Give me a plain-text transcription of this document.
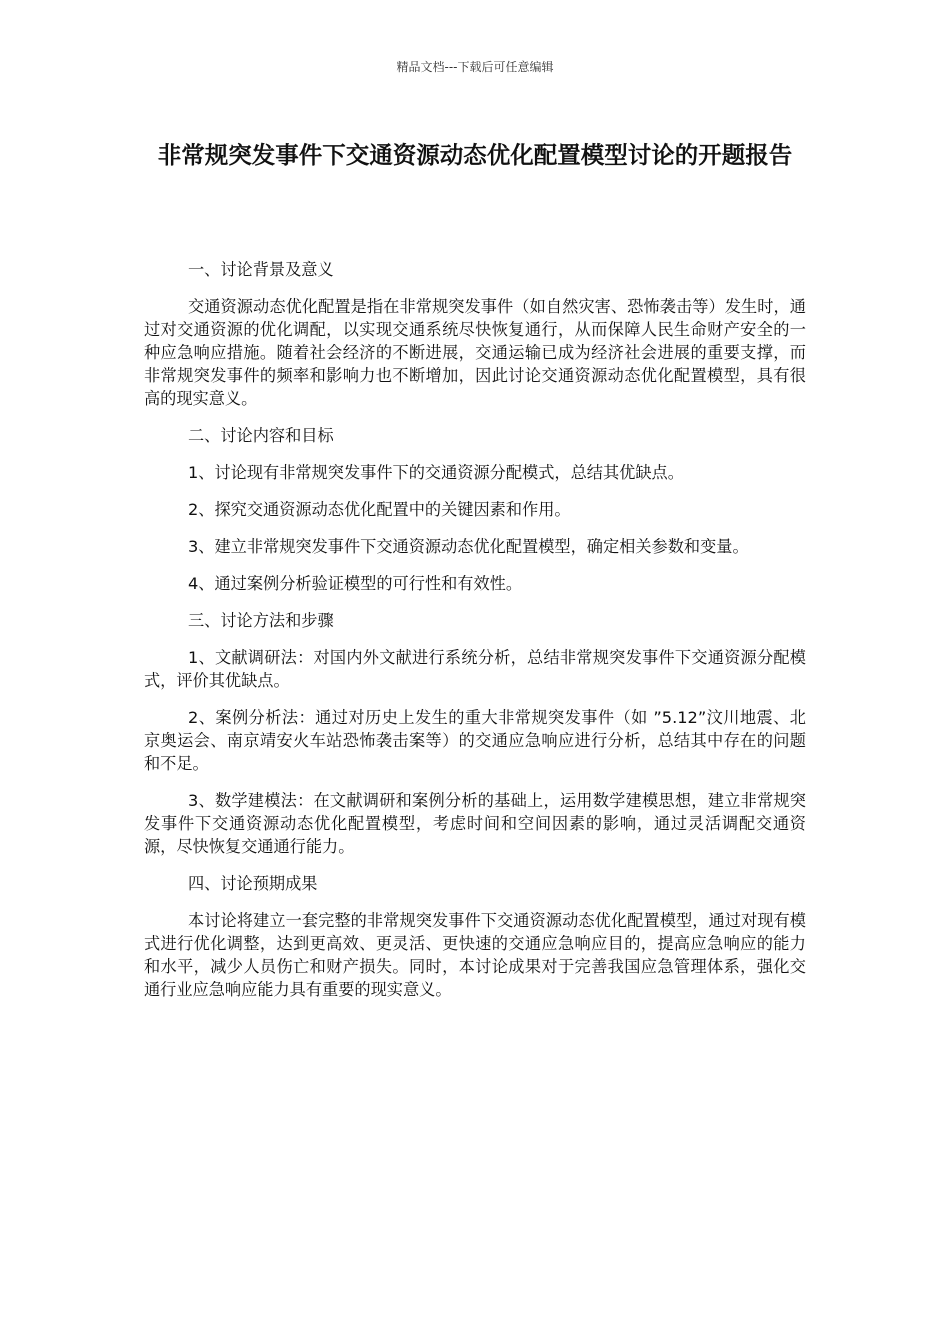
精品文档---下载后可任意编辑
非常规突发事件下交通资源动态优化配置模型讨论的开题报告

一、讨论背景及意义

交通资源动态优化配置是指在非常规突发事件（如自然灾害、恐怖袭击等）发生时，通过对交通资源的优化调配，以实现交通系统尽快恢复通行，从而保障人民生命财产安全的一种应急响应措施。随着社会经济的不断进展，交通运输已成为经济社会进展的重要支撑，而非常规突发事件的频率和影响力也不断增加，因此讨论交通资源动态优化配置模型，具有很高的现实意义。

二、讨论内容和目标

1、讨论现有非常规突发事件下的交通资源分配模式，总结其优缺点。

2、探究交通资源动态优化配置中的关键因素和作用。

3、建立非常规突发事件下交通资源动态优化配置模型，确定相关参数和变量。

4、通过案例分析验证模型的可行性和有效性。

三、讨论方法和步骤

1、文献调研法：对国内外文献进行系统分析，总结非常规突发事件下交通资源分配模式，评价其优缺点。

2、案例分析法：通过对历史上发生的重大非常规突发事件（如 ”5.12”汶川地震、北京奥运会、南京靖安火车站恐怖袭击案等）的交通应急响应进行分析，总结其中存在的问题和不足。

3、数学建模法：在文献调研和案例分析的基础上，运用数学建模思想，建立非常规突发事件下交通资源动态优化配置模型，考虑时间和空间因素的影响，通过灵活调配交通资源，尽快恢复交通通行能力。

四、讨论预期成果

本讨论将建立一套完整的非常规突发事件下交通资源动态优化配置模型，通过对现有模式进行优化调整，达到更高效、更灵活、更快速的交通应急响应目的，提高应急响应的能力和水平，减少人员伤亡和财产损失。同时，本讨论成果对于完善我国应急管理体系，强化交通行业应急响应能力具有重要的现实意义。
